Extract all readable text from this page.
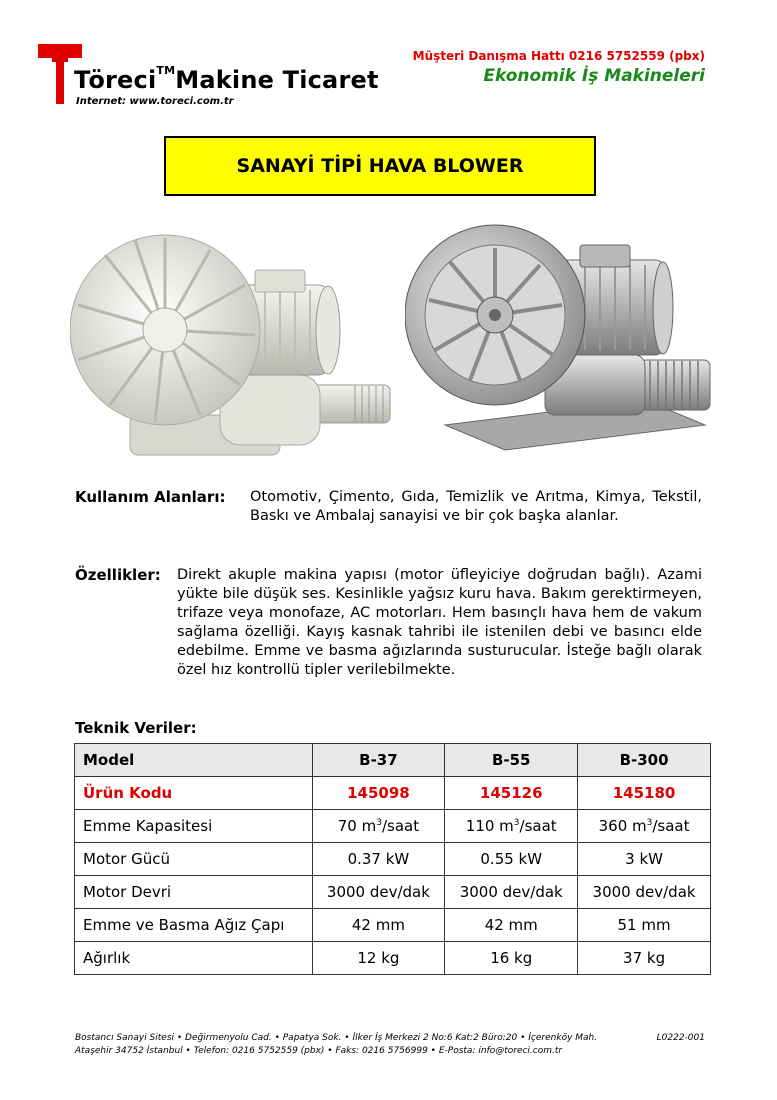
Töreci™Makine Ticaret
Internet: www.toreci.com.tr
Müşteri Danışma Hattı 0216 5752559 (pbx)
Ekonomik İş Makineleri
SANAYİ TİPİ HAVA BLOWER
Kullanım Alanları: Otomotiv, Çimento, Gıda, Temizlik ve Arıtma, Kimya, Tekstil, Baskı ve Ambalaj sanayisi ve bir çok başka alanlar.
Özellikler: Direkt akuple makina yapısı (motor üfleyiciye doğrudan bağlı). Azami yükte bile düşük ses. Kesinlikle yağsız kuru hava. Bakım gerektirmeyen, trifaze veya monofaze, AC motorları. Hem basınçlı hava hem de vakum sağlama özelliği. Kayış kasnak tahribi ile istenilen debi ve basıncı elde edebilme. Emme ve basma ağızlarında susturucular. İsteğe bağlı olarak özel hız kontrollü tipler verilebilmekte.
Teknik Veriler:
Model	B-37	B-55	B-300
Ürün Kodu	145098	145126	145180
Emme Kapasitesi	70 $m^3$/saat	110 $m^3$/saat	360 $m^3$/saat
Motor Gücü	0.37 kW	0.55 kW	3 kW
Motor Devri	3000 dev/dak	3000 dev/dak	3000 dev/dak
Emme ve Basma Ağız Çapı	42 mm	42 mm	51 mm
Ağırlık	12 kg	16 kg	37 kg
Bostancı Sanayi Sitesi • Değirmenyolu Cad. • Papatya Sok. • İlker İş Merkezi 2 No:6 Kat:2 Büro:20 • İçerenköy Mah.
Ataşehir 34752 İstanbul • Telefon: 0216 5752559 (pbx) • Faks: 0216 5756999 • E-Posta: info@toreci.com.tr
L0222-001
